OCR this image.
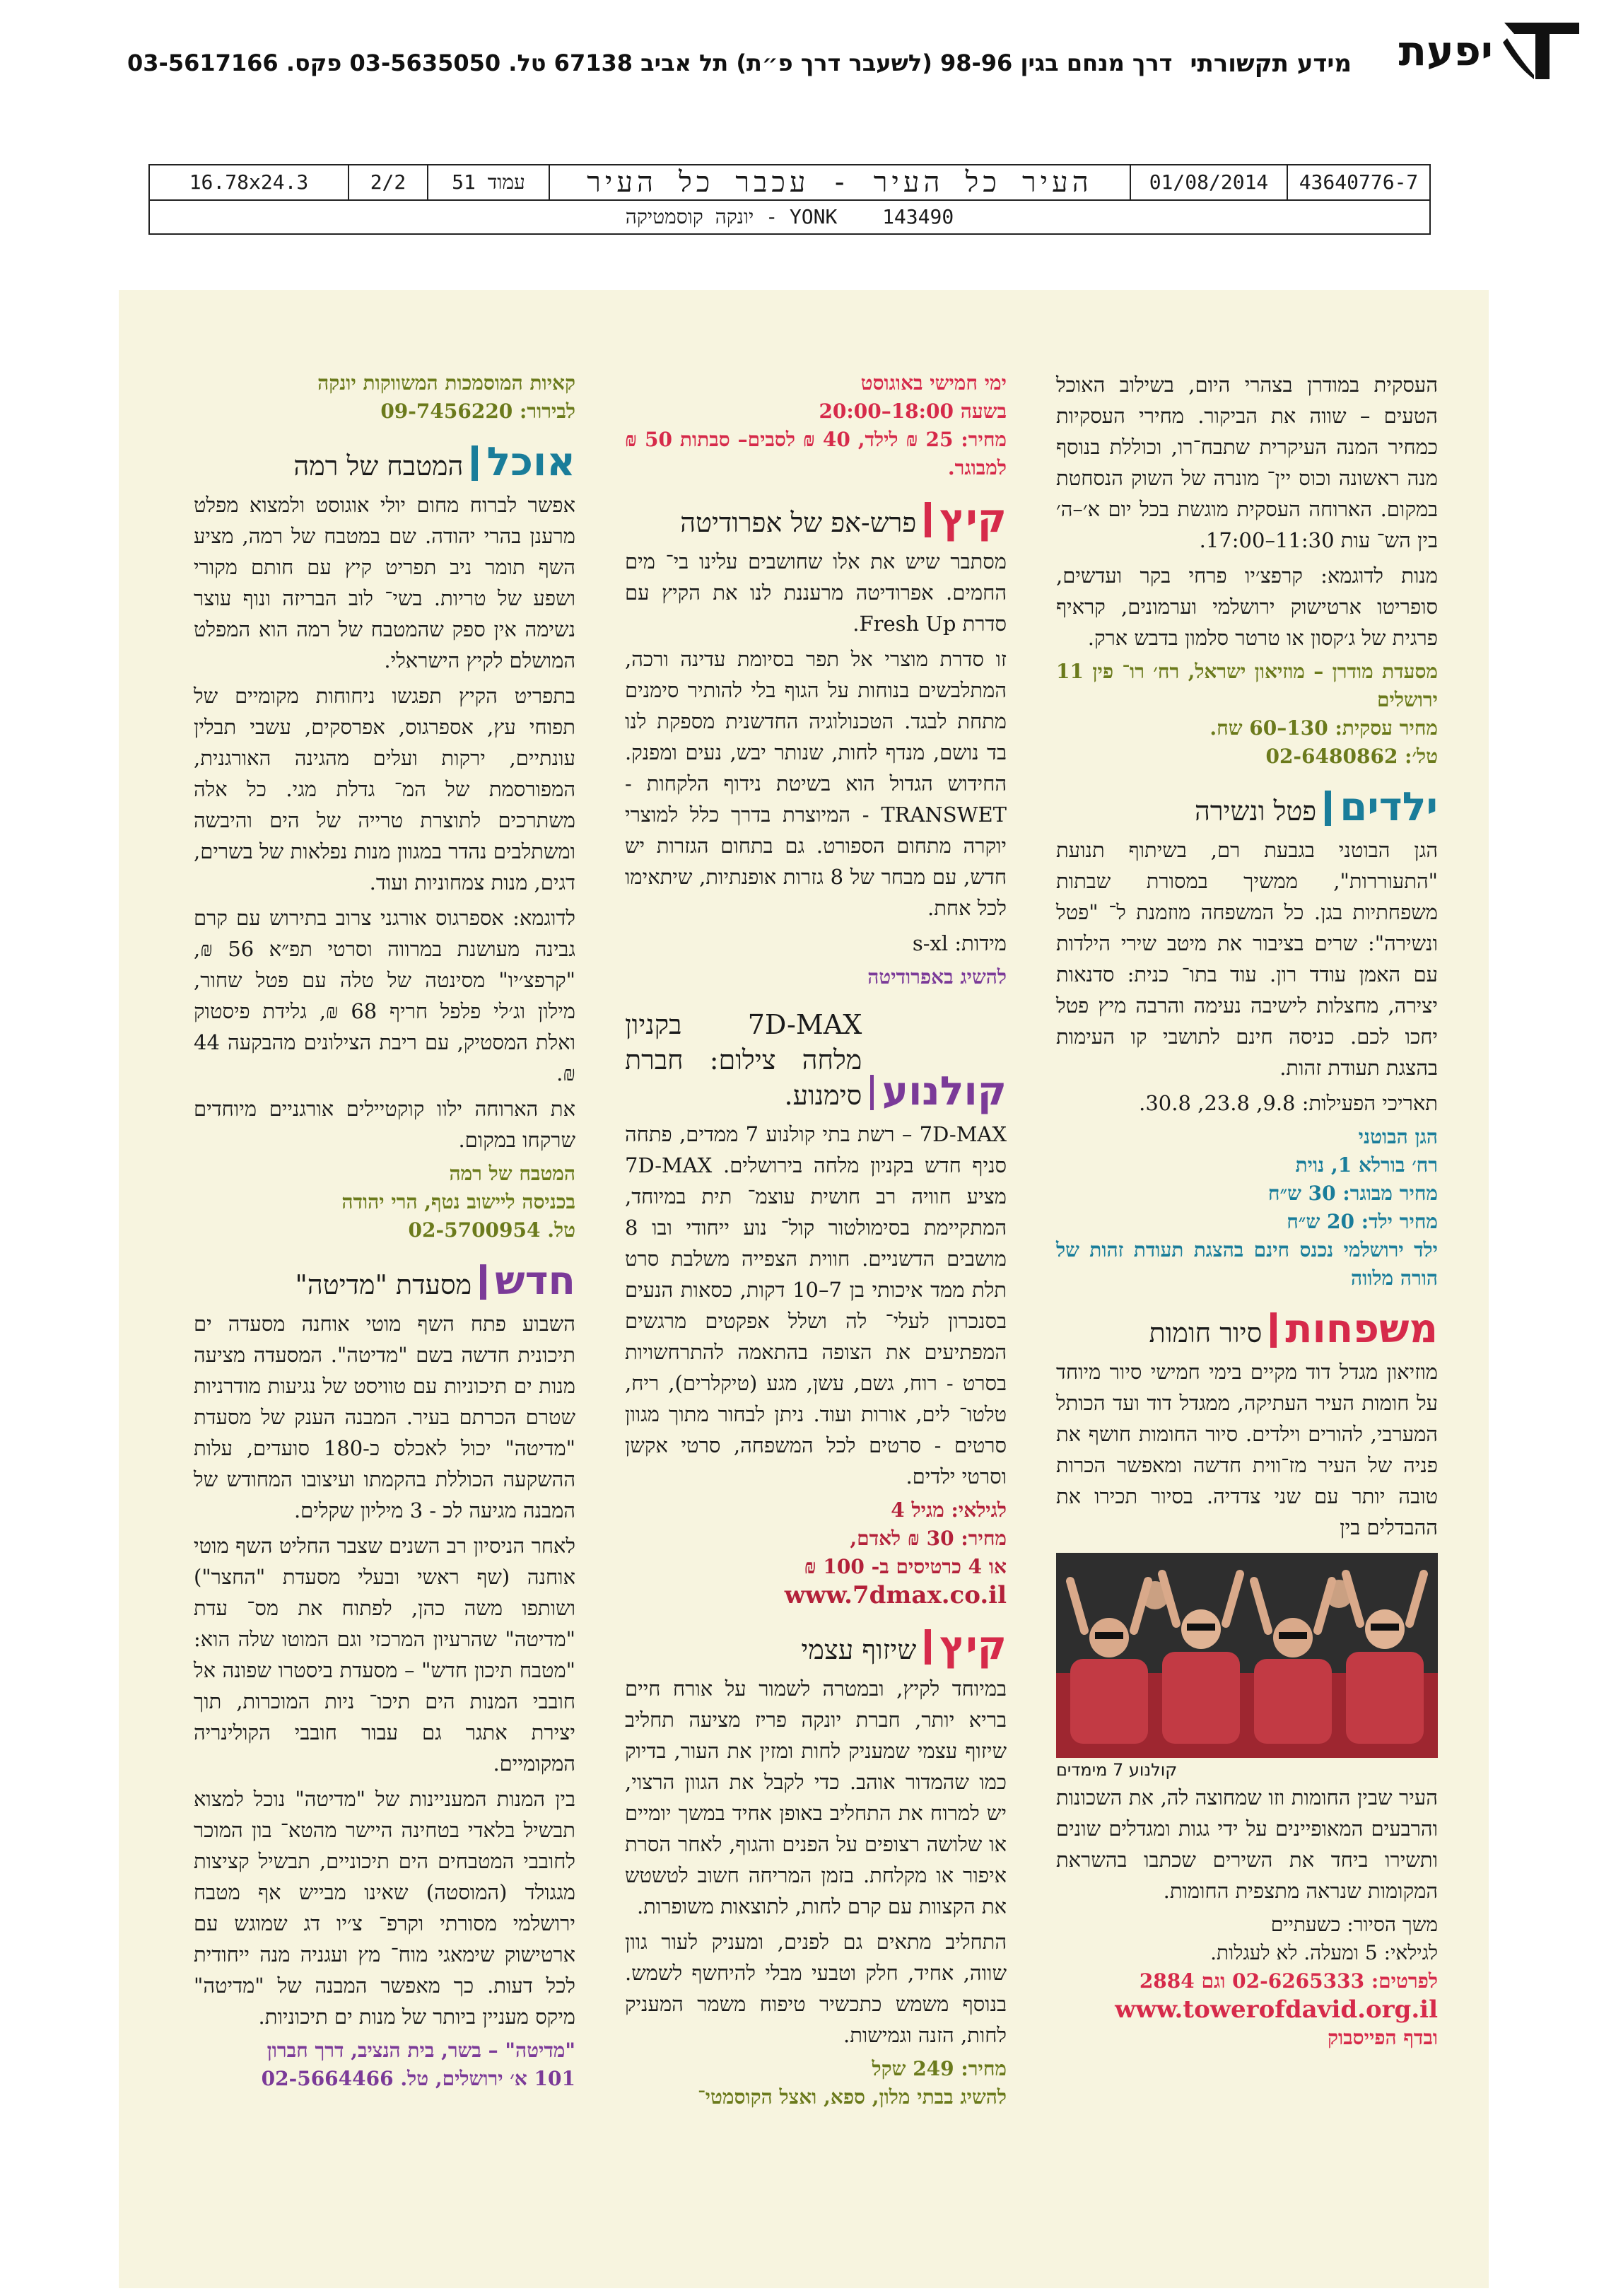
יפעת
מידע תקשורתי
דרך מנחם בגין 98-96 (לשעבר דרך פ״ת) תל אביב 67138 טל. 03-5635050 פקס. 03-5617166
43640776-7
01/08/2014
העיר כל העיר - עכבר כל העיר
עמוד 51
2/2
16.78x24.3
YONK  143490 - יונקה קוסמטיקה

העסקית במודרן בצהרי היום, בשילוב האוכל הטעים – שווה את הביקור. מחירי העסקיות כמחיר המנה העיקרית שתבח־רו, וכוללת בנוסף מנה ראשונה וכוס יין־ מונרה של השוק הנסחטת במקום. הארוחה העסקית מוגשת בכל יום א׳–ה׳ בין הש־ עות 11:30–17:00.

מנות לדוגמא: קרפצ׳יו פרחי בקר ועדשים, סופריטו ארטישוק ירושלמי וערמונים, קראיף פרגית של ג׳קסון או טרטר סלמון בדבש ארק.

מסעדת מודרן – מוזיאון ישראל, רח׳ רו־ פין 11 ירושלים
מחיר עסקית: 130–60 שח.
טל׳: 02-6480862
ילדים
פטל ונשירה

הגן הבוטני בגבעת רם, בשיתוף תנועת "התעוררות", ממשיך במסורת שבתות משפחתיות בגן. כל המשפחה מוזמנת ל־ "פטל ונשירה": שרים בציבור את מיטב שירי הילדות עם האמן עודד רון. עוד בתו־ כנית: סדנאות יצירה, מחצלות לישיבה נעימה והרבה מיץ פטל יחכו לכם. כניסה חינם לתושבי קו העימות בהצגת תעודת זהות.

תאריכי הפעילות: 9.8, 23.8, 30.8.

הגן הבוטני
רח׳ בורלא 1, נוית
מחיר מבוגר: 30 ש״ח
מחיר ילד: 20 ש״ח
ילד ירושלמי נכנס חינם בהצגת תעודת זהות של הורה מלווה
משפחות
סיור חומות

מוזיאון מגדל דוד מקיים בימי חמישי סיור מיוחד על חומות העיר העתיקה, ממגדל דוד ועד הכותל המערבי, להורים וילדים. סיור החומות חושף את פניה של העיר מז־ווית חדשה ומאפשר הכרות טובה יותר עם שני צדדיה. בסיור תכירו את ההבדלים בין

קולנוע 7 מימדים

העיר שבין החומות וזו שמחוצה לה, את השכונות והרבעים המאופיינים על ידי גגות ומגדלים שונים ותשירו ביחד את השירים שכתבו בהשראת המקומות שנראה מתצפית החומות.

משך הסיור: כשעתיים
לגילאי: 5 ומעלה. לא לעגלות.
לפרטים: 02-6265333 וגם 2884
www.towerofdavid.org.il
ובדף הפייסבוק
ימי חמישי באוגוסט
בשעה 18:00–20:00
מחיר: 25 ₪ לילד, 40 ₪ לסבים– סבתות 50 ₪ למבוגר.
קיץ
פרש-אפ של אפרודיטה

מסתבר שיש את אלו שחושבים עלינו בי־ מים החמים. אפרודיטה מרעננת לנו את הקיץ עם סדרת Fresh Up.

זו סדרת מוצרי אל תפר בסיומת עדינה ורכה, המתלבשים בנוחות על הגוף בלי להותיר סימנים מתחת לבגד. הטכנולוגיה החדשנית מספקת לנו בד נושם, מנדף לחות, שנותר יבש, נעים ומפנק. החידוש הגדול הוא בשיטת נידוף הלקחות - TRANSWET - המיוצרת בדרך כלל למוצרי יוקרה מתחום הספורט. גם בתחום הגזרות יש חדש, עם מבחר של 8 גזרות אופנתיות, שיתאימו לכל אחת.

מידות: s-xl

להשיג באפרודיטה
קולנוע
7D-MAX בקניון מלחה צילום: חברת סימנוע.

7D-MAX – רשת בתי קולנוע 7 ממדים, פתחה סניף חדש בקניון מלחה בירושלים. 7D-MAX מציע חוויה רב חושית עוצמ־ תית במיוחד, המתקיימת בסימולטור קול־ נוע ייחודי ובו 8 מושבים הדשניים. חווית הצפייה משלבת סרט תלת ממד איכותי בן 7–10 דקות, כסאות הנעים בסנכרון לעלי־ לה ושלל אפקטים מרגשים המפתיעים את הצופה בהתאמה להתרחשויות בסרט - רוח, גשם, עשן, מגע (טיקלרים), ריח, טלטו־ לים, אורות ועוד. ניתן לבחור מתוך מגוון סרטים - סרטים לכל המשפחה, סרטי אקשן וסרטי ילדים.

לגילאי: מגיל 4
מחיר: 30 ₪ לאדם,
או 4 כרטיסים ב- 100 ₪
www.7dmax.co.il
קיץ
שיזוף עצמי

במיוחד לקיץ, ובמטרה לשמור על אורח חיים בריא יותר, חברת יונקה פריז מציעה תחליב שיזוף עצמי שמעניק לחות ומזין את העור, בדיוק כמו שהמדור אוהב. כדי לקבל את הגוון הרצוי, יש למרוח את התחליב באופן אחיד במשך יומיים או שלושה רצופים על הפנים והגוף, לאחר הסרת איפור או מקלחת. בזמן המריחה חשוב לטשטש את הקצוות עם קרם לחות, לתוצאות משופרות.

התחליב מתאים גם לפנים, ומעניק לעור גוון שווה, אחיד, חלק וטבעי מבלי להיחשף לשמש. בנוסף משמש כתכשיר טיפוח משמר המעניק לחות, הזנה וגמישות.

מחיר: 249 שקל
להשיג בבתי מלון, ספא, ואצל הקוסמטי־
קאיות המוסמכות המשווקות יונקה
לבירור: 09-7456220
אוכל
המטבח של רמה

אפשר לברוח מחום יולי אוגוסט ולמצוא מפלט מרענן בהרי יהודה. שם במטבח של רמה, מציע השף תומר ניב תפריט קיץ עם חותם מקורי ושפע של טריות. בשי־ לוב הבריזה ונוף עוצר נשימה אין ספק שהמטבח של רמה הוא המפלט המושלם לקיץ הישראלי.

בתפריט הקיץ תפגשו ניחוחות מקומיים של תפוחי עץ, אספרגוס, אפרסקים, עשבי תבלין עונתיים, ירקות ועלים מהגינה האורגנית, המפורסמת של המ־ גדלת מגי. כל אלה משתרכים לתוצרת טרייה של הים והיבשה ומשתלבים נהדר במגוון מנות נפלאות של בשרים, דגים, מנות צמחוניות ועוד.

לדוגמא: אספרגוס אורגני צרוב בתירוש עם קרם גבינה מעושנת במרווה וסרטי תפ״א 56 ₪, "קרפצ׳יו" מסינטה של טלה עם פטל שחור, מילון וג׳לי פלפל חריף 68 ₪, גלידת פיסטוק ואלת המסטיק, עם ריבת הצילונים מהבקעה 44 ₪.

את הארוחה ילוו קוקטיילים אורגניים מיוחדים שרקחו במקום.

המטבח של רמה
בכניסה ליישוב נטף, הרי יהודה
טל. 02-5700954
חדש
מסעדת "מדיטה"

השבוע פתח השף מוטי אוחנה מסעדה ים תיכונית חדשה בשם "מדיטה". המסעדה מציעה מנות ים תיכוניות עם טוויסט של נגיעות מודרניות שטרם הכרתם בעיר. המבנה הענק של מסעדת "מדיטה" יכול לאכלס כ-180 סועדים, עלות ההשקעה הכוללת בהקמתו ועיצובו המחודש של המבנה מגיעה לכ - 3 מיליון שקלים.

לאחר הניסיון רב השנים שצבר החליט השף מוטי אוחנה (שף ראשי ובעלי מסעדת "החצר") ושותפו משה כהן, לפתוח את מס־ עדת "מדיטה" שהרעיון המרכזי וגם המוטו שלה הוא: "מטבח תיכון חדש" – מסעדת ביסטרו שפונה אל חובבי המנות הים תיכו־ ניות המוכרות, תוך יצירת אתגר גם עבור חובבי הקולינריה המקומיים.

בין המנות המעניינות של "מדיטה" נוכל למצוא תבשיל בלאדי בטחינה היישר מהטא־ בון המוכר לחובבי המטבחים הים תיכוניים, תבשיל קציצות מגגולד (המוסטה) שאינו מבייש אף מטבח ירושלמי מסורתי וקרפ־ צ׳יו דג שמוגש עם ארטישוק שימאגי מוח־ מץ ועגניה מנה ייחודית לכל דעות. כך מאפשר המבנה של "מדיטה" מיקס מעניין ביותר של מנות ים תיכוניות.

"מדיטה" – בשר, בית הנציב, דרך חברון
101 א׳ ירושלים, טל. 02-5664466
